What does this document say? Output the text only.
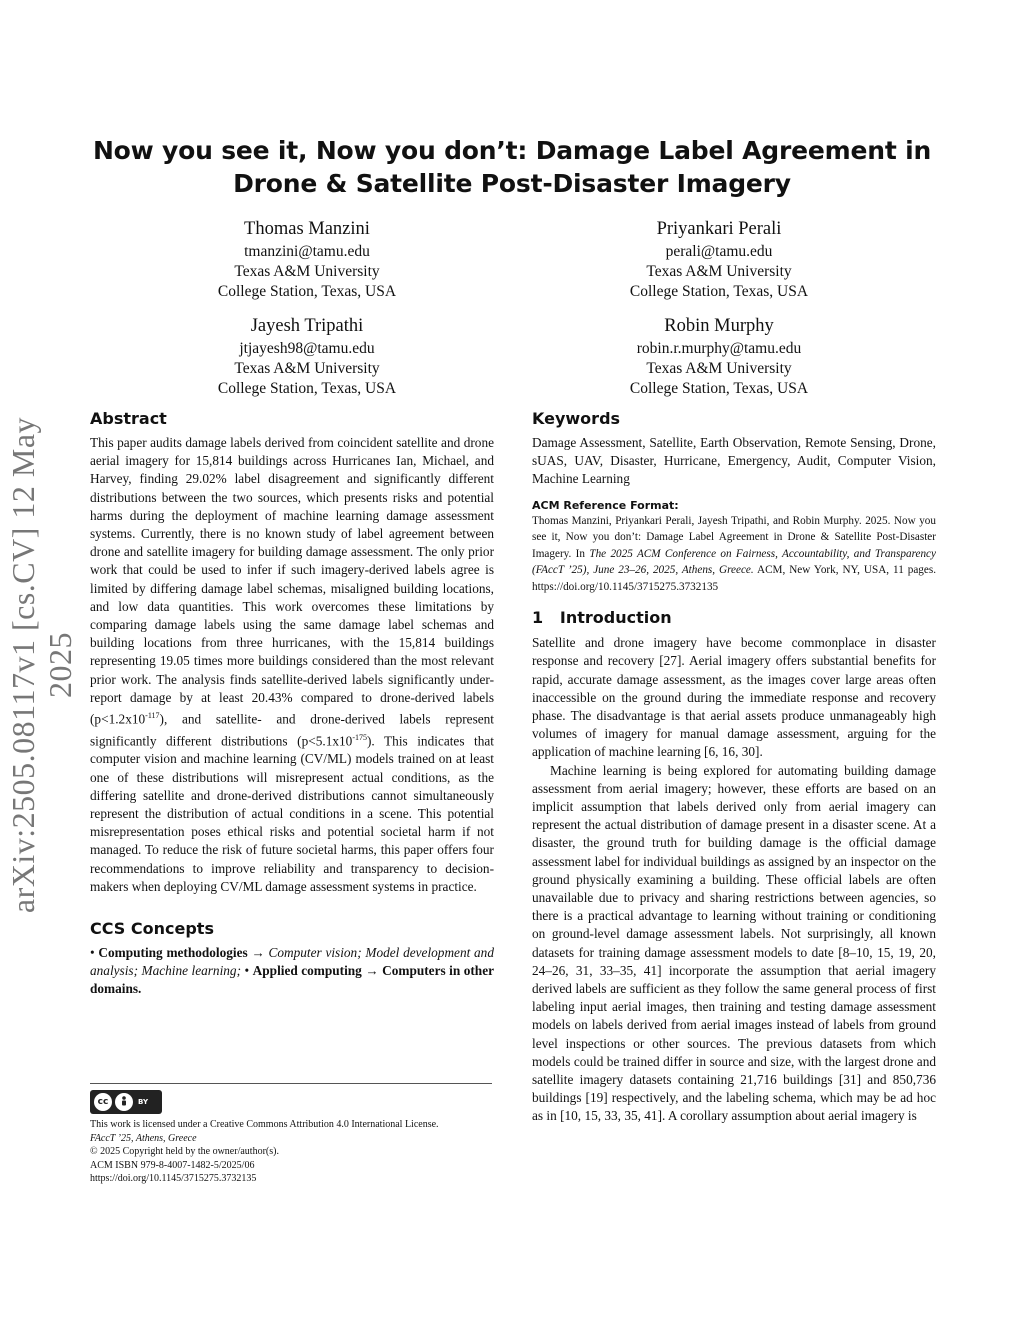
arXiv:2505.08117v1 [cs.CV] 12 May 2025
Now you see it, Now you don’t: Damage Label Agreement in
Drone & Satellite Post-Disaster Imagery
Thomas Manzini
tmanzini@tamu.edu
Texas A&M University
College Station, Texas, USA
Priyankari Perali
perali@tamu.edu
Texas A&M University
College Station, Texas, USA
Jayesh Tripathi
jtjayesh98@tamu.edu
Texas A&M University
College Station, Texas, USA
Robin Murphy
robin.r.murphy@tamu.edu
Texas A&M University
College Station, Texas, USA
Abstract

This paper audits damage labels derived from coincident satellite and drone aerial imagery for 15,814 buildings across Hurricanes Ian, Michael, and Harvey, finding 29.02% label disagreement and significantly different distributions between the two sources, which presents risks and potential harms during the deployment of machine learning damage assessment systems. Currently, there is no known study of label agreement between drone and satellite imagery for building damage assessment. The only prior work that could be used to infer if such imagery-derived labels agree is limited by differing damage label schemas, misaligned building locations, and low data quantities. This work overcomes these limitations by comparing damage labels using the same damage label schemas and building locations from three hurricanes, with the 15,814 buildings representing 19.05 times more buildings considered than the most relevant prior work. The analysis finds satellite-derived labels significantly under-report damage by at least 20.43% compared to drone-derived labels $(p<1.2x10^{-117})$, and satellite- and drone-derived labels represent significantly different distributions $(p<5.1x10^{-175})$. This indicates that computer vision and machine learning (CV/ML) models trained on at least one of these distributions will misrepresent actual conditions, as the differing satellite and drone-derived distributions cannot simultaneously represent the distribution of actual conditions in a scene. This potential misrepresentation poses ethical risks and potential societal harm if not managed. To reduce the risk of future societal harms, this paper offers four recommendations to improve reliability and transparency to decision-makers when deploying CV/ML damage assessment systems in practice.

CCS Concepts

• Computing methodologies → Computer vision; Model development and analysis; Machine learning; • Applied computing → Computers in other domains.

cc	BY
This work is licensed under a Creative Commons Attribution 4.0 International License.
FAccT ’25, Athens, Greece
© 2025 Copyright held by the owner/author(s).
ACM ISBN 979-8-4007-1482-5/2025/06
https://doi.org/10.1145/3715275.3732135
Keywords

Damage Assessment, Satellite, Earth Observation, Remote Sensing, Drone, sUAS, UAV, Disaster, Hurricane, Emergency, Audit, Computer Vision, Machine Learning

ACM Reference Format:

Thomas Manzini, Priyankari Perali, Jayesh Tripathi, and Robin Murphy. 2025. Now you see it, Now you don’t: Damage Label Agreement in Drone & Satellite Post-Disaster Imagery. In The 2025 ACM Conference on Fairness, Accountability, and Transparency (FAccT ’25), June 23–26, 2025, Athens, Greece. ACM, New York, NY, USA, 11 pages. https://doi.org/10.1145/3715275.3732135

1 Introduction

Satellite and drone imagery have become commonplace in disaster response and recovery [27]. Aerial imagery offers substantial benefits for rapid, accurate damage assessment, as the images cover large areas often inaccessible on the ground during the immediate response and recovery phase. The disadvantage is that aerial assets produce unmanageably high volumes of imagery for manual damage assessment, arguing for the application of machine learning [6, 16, 30].

Machine learning is being explored for automating building damage assessment from aerial imagery; however, these efforts are based on an implicit assumption that labels derived only from aerial imagery can represent the actual distribution of damage present in a disaster scene. At a disaster, the ground truth for building damage is the official damage assessment label for individual buildings as assigned by an inspector on the ground physically examining a building. These official labels are often unavailable due to privacy and sharing restrictions between agencies, so there is a practical advantage to learning without training or conditioning on ground-level damage assessment labels. Not surprisingly, all known datasets for training damage assessment models to date [8–10, 15, 19, 20, 24–26, 31, 33–35, 41] incorporate the assumption that aerial imagery derived labels are sufficient as they follow the same general process of first labeling input aerial images, then training and testing damage assessment models on labels derived from aerial images instead of labels from ground level inspections or other sources. The previous datasets from which models could be trained differ in source and size, with the largest drone and satellite imagery datasets containing 21,716 buildings [31] and 850,736 buildings [19] respectively, and the labeling schema, which may be ad hoc as in [10, 15, 33, 35, 41]. A corollary assumption about aerial imagery is
